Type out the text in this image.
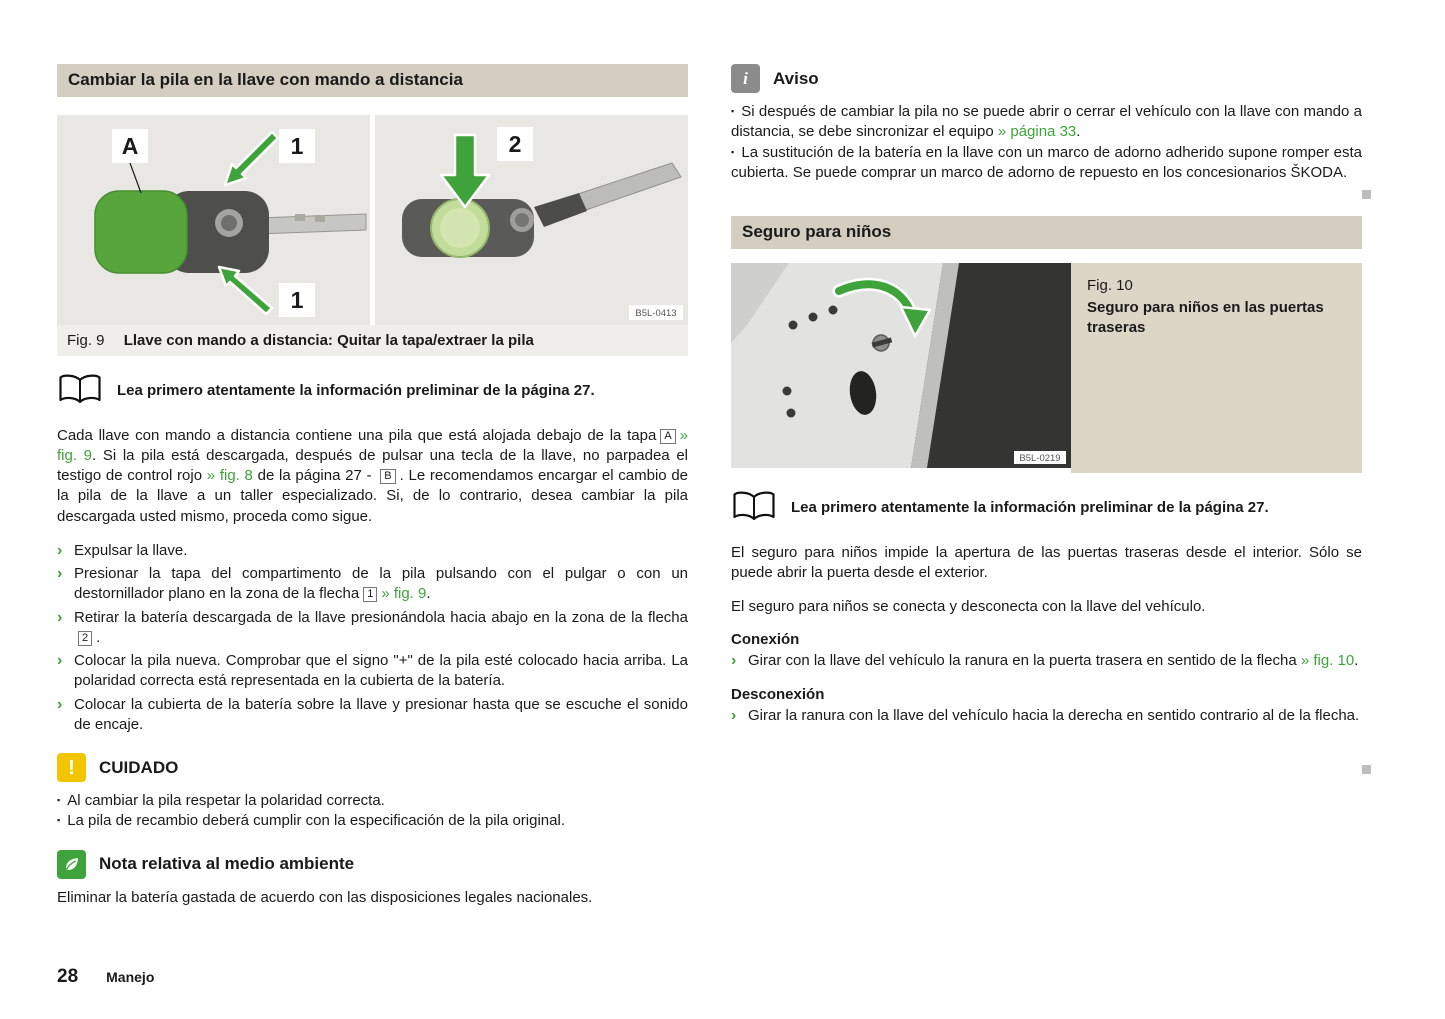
Cambiar la pila en la llave con mando a distancia
A	1
1
2
B5L-0413
Fig. 9 Llave con mando a distancia: Quitar la tapa/extraer la pila
Lea primero atentamente la información preliminar de la página 27.

Cada llave con mando a distancia contiene una pila que está alojada debajo de la tapa A » fig. 9. Si la pila está descargada, después de pulsar una tecla de la llave, no parpadea el testigo de control rojo » fig. 8 de la página 27 - B . Le recomendamos encargar el cambio de la pila de la llave a un taller especializado. Si, de lo contrario, desea cambiar la pila descargada usted mismo, proceda como sigue.

› Expulsar la llave.
› Presionar la tapa del compartimento de la pila pulsando con el pulgar o con un destornillador plano en la zona de la flecha 1 » fig. 9.
› Retirar la batería descargada de la llave presionándola hacia abajo en la zona de la flecha2 .
› Colocar la pila nueva. Comprobar que el signo "+" de la pila esté colocado hacia arriba. La polaridad correcta está representada en la cubierta de la batería.
› Colocar la cubierta de la batería sobre la llave y presionar hasta que se escuche el sonido de encaje.
! CUIDADO

▪ Al cambiar la pila respetar la polaridad correcta.

▪ La pila de recambio deberá cumplir con la especificación de la pila original.

Nota relativa al medio ambiente

Eliminar la batería gastada de acuerdo con las disposiciones legales nacionales.

i Aviso

▪ Si después de cambiar la pila no se puede abrir o cerrar el vehículo con la llave con mando a distancia, se debe sincronizar el equipo » página 33.

▪ La sustitución de la batería en la llave con un marco de adorno adherido supone romper esta cubierta. Se puede comprar un marco de adorno de repuesto en los concesionarios ŠKODA.

Seguro para niños
B5L-0219
Fig. 10
Seguro para niños en las puertas traseras
Lea primero atentamente la información preliminar de la página 27.

El seguro para niños impide la apertura de las puertas traseras desde el interior. Sólo se puede abrir la puerta desde el exterior.

El seguro para niños se conecta y desconecta con la llave del vehículo.

Conexión
› Girar con la llave del vehículo la ranura en la puerta trasera en sentido de la flecha » fig. 10.
Desconexión
› Girar la ranura con la llave del vehículo hacia la derecha en sentido contrario al de la flecha.
28 Manejo
